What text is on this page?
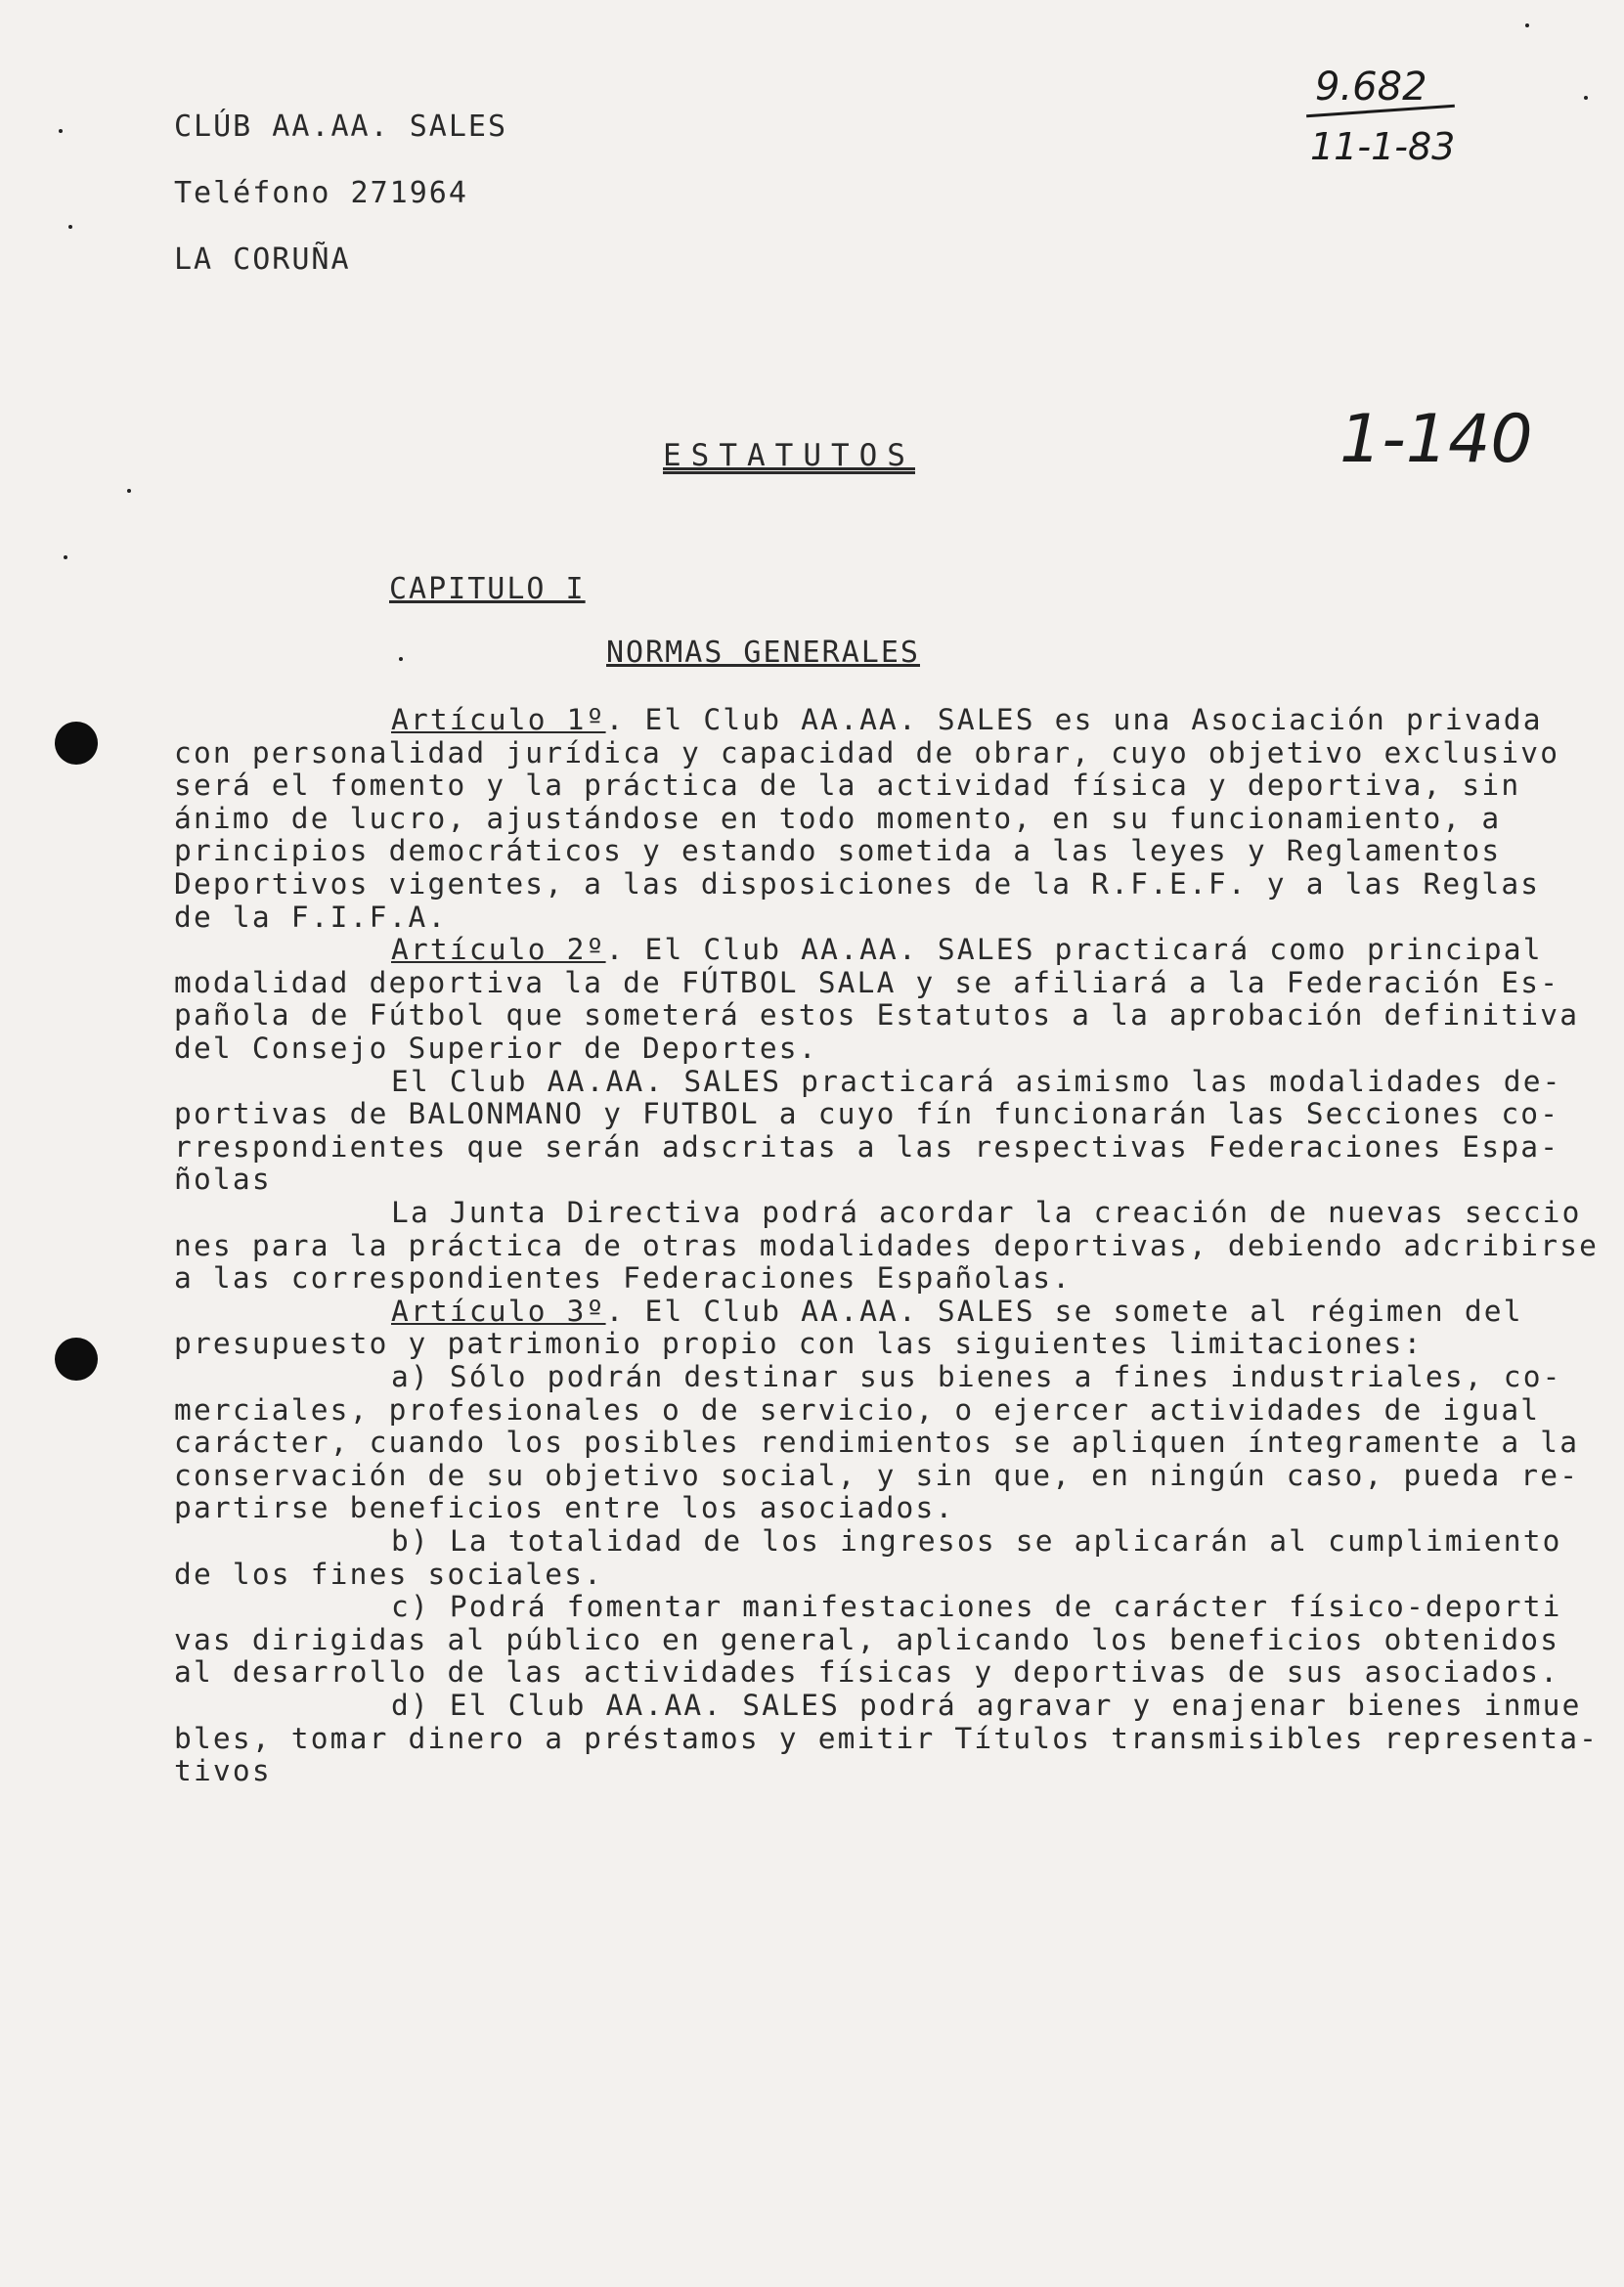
CLÚB AA.AA. SALES
Teléfono 271964
LA CORUÑA
9.682
11-1-83
1-140
ESTATUTOS
CAPITULO I
NORMAS GENERALES
Artículo 1º. El Club AA.AA. SALES es una Asociación privada
con personalidad jurídica y capacidad de obrar, cuyo objetivo exclusivo
será el fomento y la práctica de la actividad física y deportiva, sin
ánimo de lucro, ajustándose en todo momento, en su funcionamiento, a
principios democráticos y estando sometida a las leyes y Reglamentos
Deportivos vigentes, a las disposiciones de la R.F.E.F. y a las Reglas
de la F.I.F.A.
Artículo 2º. El Club AA.AA. SALES practicará como principal
modalidad deportiva la de FÚTBOL SALA y se afiliará a la Federación Es-
pañola de Fútbol que someterá estos Estatutos a la aprobación definitiva
del Consejo Superior de Deportes.
El Club AA.AA. SALES practicará asimismo las modalidades de-
portivas de BALONMANO y FUTBOL a cuyo fín funcionarán las Secciones co-
rrespondientes que serán adscritas a las respectivas Federaciones Espa-
ñolas
La Junta Directiva podrá acordar la creación de nuevas seccio
nes para la práctica de otras modalidades deportivas, debiendo adcribirse
a las correspondientes Federaciones Españolas.
Artículo 3º. El Club AA.AA. SALES se somete al régimen del
presupuesto y patrimonio propio con las siguientes limitaciones:
a) Sólo podrán destinar sus bienes a fines industriales, co-
merciales, profesionales o de servicio, o ejercer actividades de igual
carácter, cuando los posibles rendimientos se apliquen íntegramente a la
conservación de su objetivo social, y sin que, en ningún caso, pueda re-
partirse beneficios entre los asociados.
b) La totalidad de los ingresos se aplicarán al cumplimiento
de los fines sociales.
c) Podrá fomentar manifestaciones de carácter físico-deporti
vas dirigidas al público en general, aplicando los beneficios obtenidos
al desarrollo de las actividades físicas y deportivas de sus asociados.
d) El Club AA.AA. SALES podrá agravar y enajenar bienes inmue
bles, tomar dinero a préstamos y emitir Títulos transmisibles representa-
tivos
